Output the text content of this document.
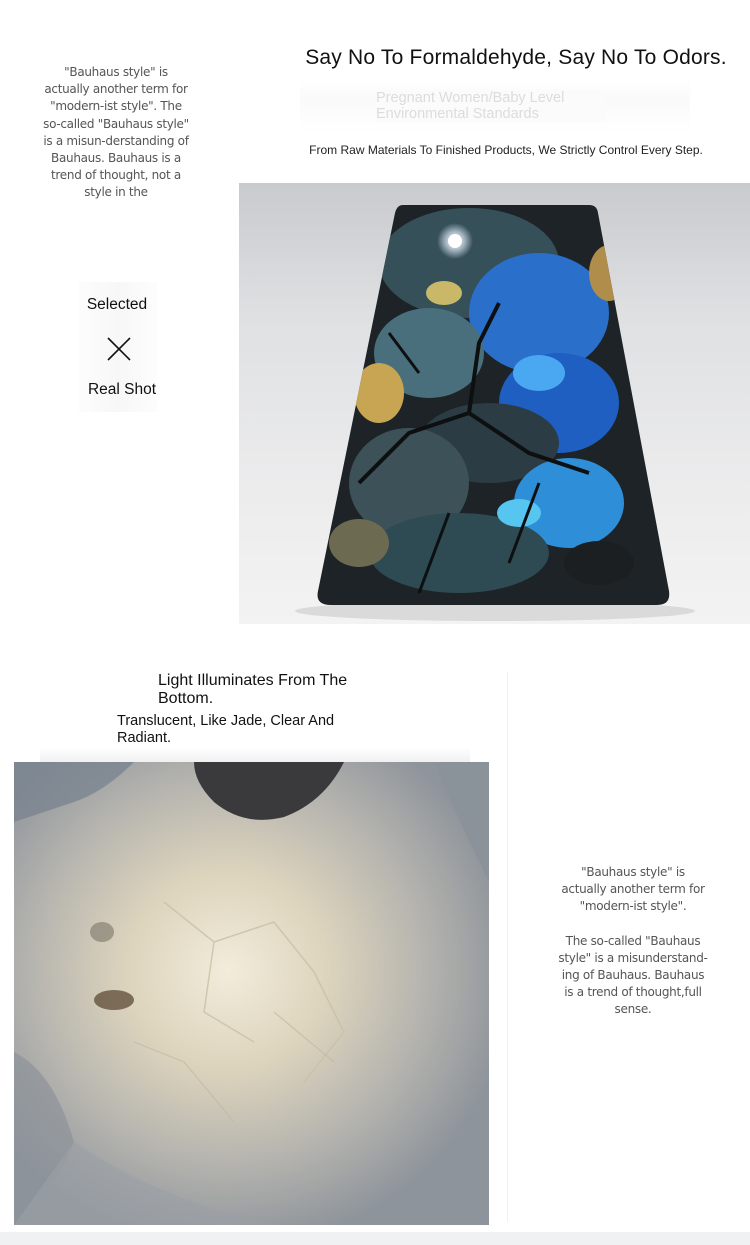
"Bauhaus style" is actually another term for "modern-ist style". The so-called "Bauhaus style" is a misun-derstanding of Bauhaus. Bauhaus is a trend of thought, not a style in the
Say No To Formaldehyde, Say No To Odors.
Pregnant Women/Baby Level Environmental Standards
From Raw Materials To Finished Products, We Strictly Control Every Step.
Selected
Real Shot
Light Illuminates From The Bottom.
Translucent, Like Jade, Clear And Radiant.

"Bauhaus style" is actually another term for "modern-ist style".

The so-called "Bauhaus style" is a misunderstand-ing of Bauhaus. Bauhaus is a trend of thought,full sense.
